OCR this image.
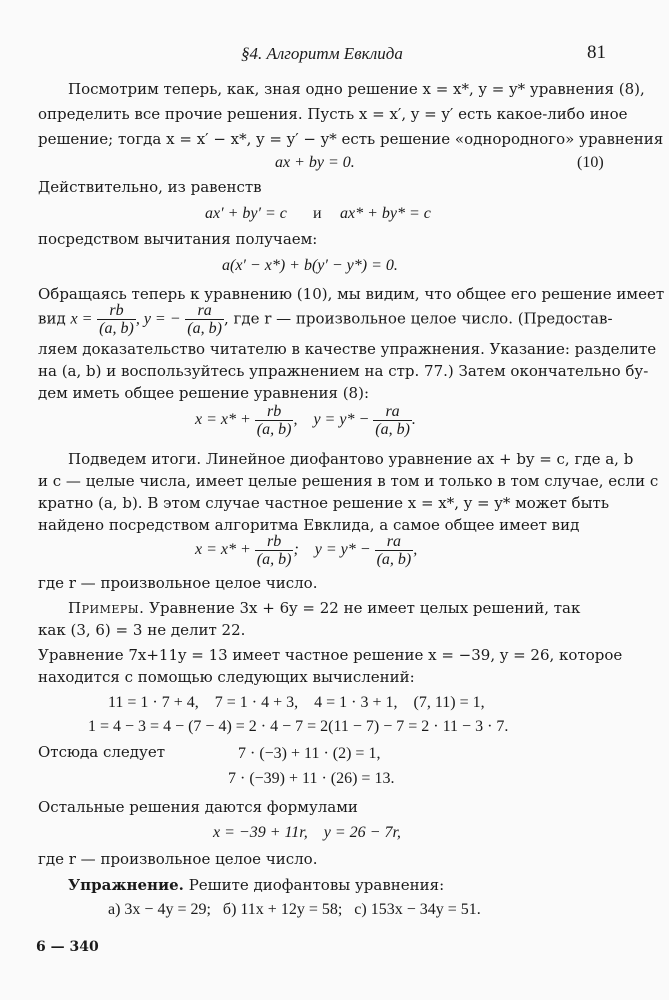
§4. Алгоритм Евклида	81
Посмотрим теперь, как, зная одно решение x = x*, y = y* уравнения (8),
определить все прочие решения. Пусть x = x′, y = y′ есть какое-либо иное
решение; тогда x = x′ − x*, y = y′ − y* есть решение «однородного» уравнения
ax + by = 0.	(10)
Действительно, из равенств
ax′ + by′ = c и ax* + by* = c
посредством вычитания получаем:
a(x′ − x*) + b(y′ − y*) = 0.
Обращаясь теперь к уравнению (10), мы видим, что общее его решение имеет
вид $x = \frac{rb}{(a, b)}$ , y = − $\frac{ra}{(a, b)}$ , где r — произвольное целое число. (Предостав-
ляем доказательство читателю в качестве упражнения. Указание: разделите
на (a, b) и воспользуйтесь упражнением на стр. 77.) Затем окончательно бу-
дем иметь общее решение уравнения (8):
$x = x* + \frac{rb}{(a, b)}$ , $y = y* - \frac{ra}{(a, b)}$ .
Подведем итоги. Линейное диофантово уравнение ax + by = c, где a, b
и c — целые числа, имеет целые решения в том и только в том случае, если c
кратно (a, b). В этом случае частное решение x = x*, y = y* может быть
найдено посредством алгоритма Евклида, а самое общее имеет вид
$x = x* + \frac{rb}{(a, b)}$ ; $y = y* - \frac{ra}{(a, b)}$ ,
где r — произвольное целое число.
Примеры. Уравнение 3x + 6y = 22 не имеет целых решений, так
как (3, 6) = 3 не делит 22.
Уравнение 7x+11y = 13 имеет частное решение x = −39, y = 26, которое
находится с помощью следующих вычислений:
11 = 1 · 7 + 4,    7 = 1 · 4 + 3,    4 = 1 · 3 + 1,    (7, 11) = 1,
1 = 4 − 3 = 4 − (7 − 4) = 2 · 4 − 7 = 2(11 − 7) − 7 = 2 · 11 − 3 · 7.
Отсюда следует	7 · (−3) + 11 · (2) = 1,
7 · (−39) + 11 · (26) = 13.
Остальные решения даются формулами
x = −39 + 11r,    y = 26 − 7r,
где r — произвольное целое число.
Упражнение. Решите диофантовы уравнения:
а) 3x − 4y = 29;   б) 11x + 12y = 58;   с) 153x − 34y = 51.
6 — 340
